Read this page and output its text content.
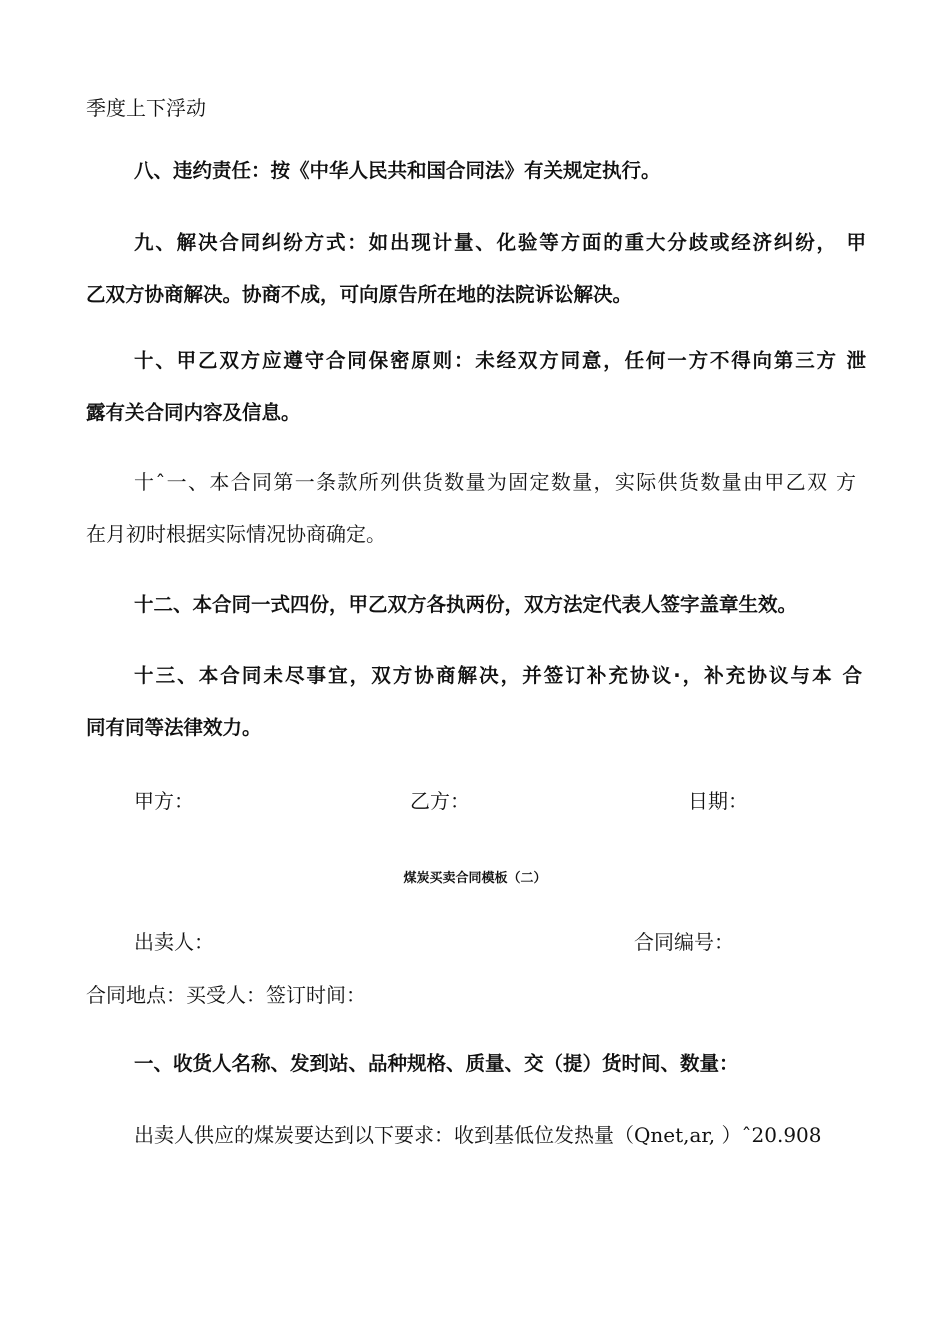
季度上下浮动

八、违约责任：按《中华人民共和国合同法》有关规定执行。

九、解决合同纠纷方式：如出现计量、化验等方面的重大分歧或经济纠纷， 甲

乙双方协商解决。协商不成，可向原告所在地的法院诉讼解决。

十、甲乙双方应遵守合同保密原则：未经双方同意，任何一方不得向第三方 泄

露有关合同内容及信息。

十ˆ一、本合同第一条款所列供货数量为固定数量，实际供货数量由甲乙双 方

在月初时根据实际情况协商确定。

十二、本合同一式四份，甲乙双方各执两份，双方法定代表人签字盖章生效。

十三、本合同未尽事宜，双方协商解决，并签订补充协议·，补充协议与本 合

同有同等法律效力。

甲方：	乙方：	日期：

煤炭买卖合同模板（二）

出卖人：	合同编号：

合同地点：买受人：签订时间：

一、收货人名称、发到站、品种规格、质量、交（提）货时间、数量：

出卖人供应的煤炭要达到以下要求：收到基低位发热量（Qnet,ar, ）ˆ20.908
